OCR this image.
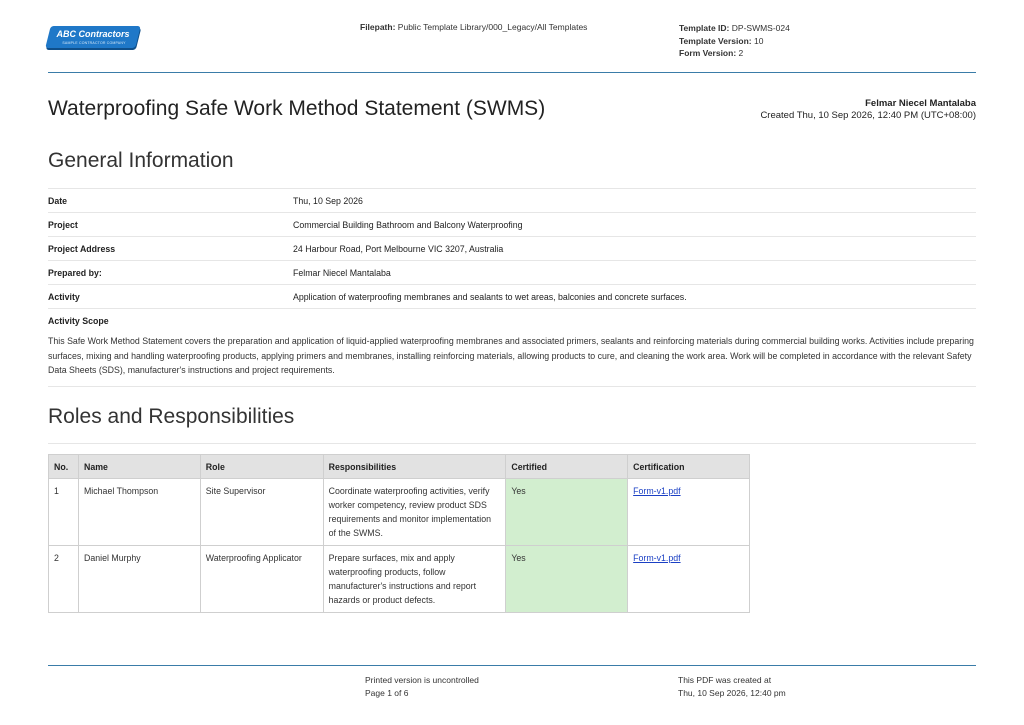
ABC Contractors
SAMPLE CONTRACTOR COMPANY
Filepath: Public Template Library/000_Legacy/All Templates	Template ID: DP-SWMS-024
Template Version: 10
Form Version: 2
Waterproofing Safe Work Method Statement (SWMS)	Felmar Niecel Mantalaba
Created Thu, 10 Sep 2026, 12:40 PM (UTC+08:00)
General Information
Date	Thu, 10 Sep 2026
Project	Commercial Building Bathroom and Balcony Waterproofing
Project Address	24 Harbour Road, Port Melbourne VIC 3207, Australia
Prepared by:	Felmar Niecel Mantalaba
Activity	Application of waterproofing membranes and sealants to wet areas, balconies and concrete surfaces.
Activity Scope
This Safe Work Method Statement covers the preparation and application of liquid-applied waterproofing membranes and associated primers, sealants and reinforcing materials during commercial building works. Activities include preparing surfaces, mixing and handling waterproofing products, applying primers and membranes, installing reinforcing materials, allowing products to cure, and cleaning the work area. Work will be completed in accordance with the relevant Safety Data Sheets (SDS), manufacturer's instructions and project requirements.
Roles and Responsibilities
No.	Name	Role	Responsibilities	Certified	Certification
1	Michael Thompson	Site Supervisor	Coordinate waterproofing activities, verify worker competency, review product SDS requirements and monitor implementation of the SWMS.	Yes	Form-v1.pdf
2	Daniel Murphy	Waterproofing Applicator	Prepare surfaces, mix and apply waterproofing products, follow manufacturer's instructions and report hazards or product defects.	Yes	Form-v1.pdf
Printed version is uncontrolled
Page 1 of 6
This PDF was created at
Thu, 10 Sep 2026, 12:40 pm
